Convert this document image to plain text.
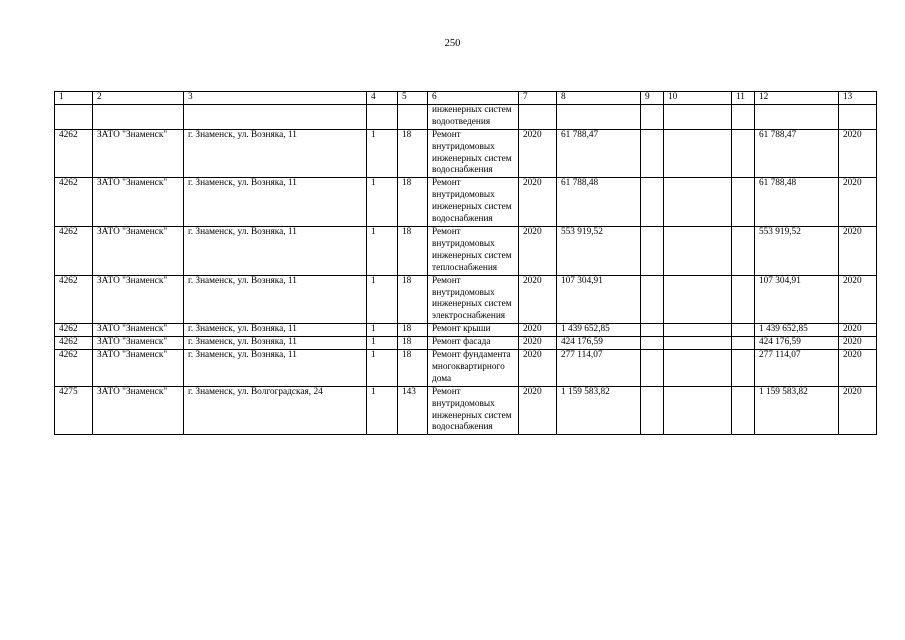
250
1	2	3	4	5	6	7	8	9	10	11	12	13
					инженерных систем водоотведения							
4262	ЗАТО "Знаменск"	г. Знаменск, ул. Возняка, 11	1	18	Ремонт внутридомовых инженерных систем водоснабжения	2020	61 788,47				61 788,47	2020
4262	ЗАТО "Знаменск"	г. Знаменск, ул. Возняка, 11	1	18	Ремонт внутридомовых инженерных систем водоснабжения	2020	61 788,48				61 788,48	2020
4262	ЗАТО "Знаменск"	г. Знаменск, ул. Возняка, 11	1	18	Ремонт внутридомовых инженерных систем теплоснабжения	2020	553 919,52				553 919,52	2020
4262	ЗАТО "Знаменск"	г. Знаменск, ул. Возняка, 11	1	18	Ремонт внутридомовых инженерных систем электроснабжения	2020	107 304,91				107 304,91	2020
4262	ЗАТО "Знаменск"	г. Знаменск, ул. Возняка, 11	1	18	Ремонт крыши	2020	1 439 652,85				1 439 652,85	2020
4262	ЗАТО "Знаменск"	г. Знаменск, ул. Возняка, 11	1	18	Ремонт фасада	2020	424 176,59				424 176,59	2020
4262	ЗАТО "Знаменск"	г. Знаменск, ул. Возняка, 11	1	18	Ремонт фундамента многоквартирного дома	2020	277 114,07				277 114,07	2020
4275	ЗАТО "Знаменск"	г. Знаменск, ул. Волгоградская, 24	1	143	Ремонт внутридомовых инженерных систем водоснабжения	2020	1 159 583,82				1 159 583,82	2020
